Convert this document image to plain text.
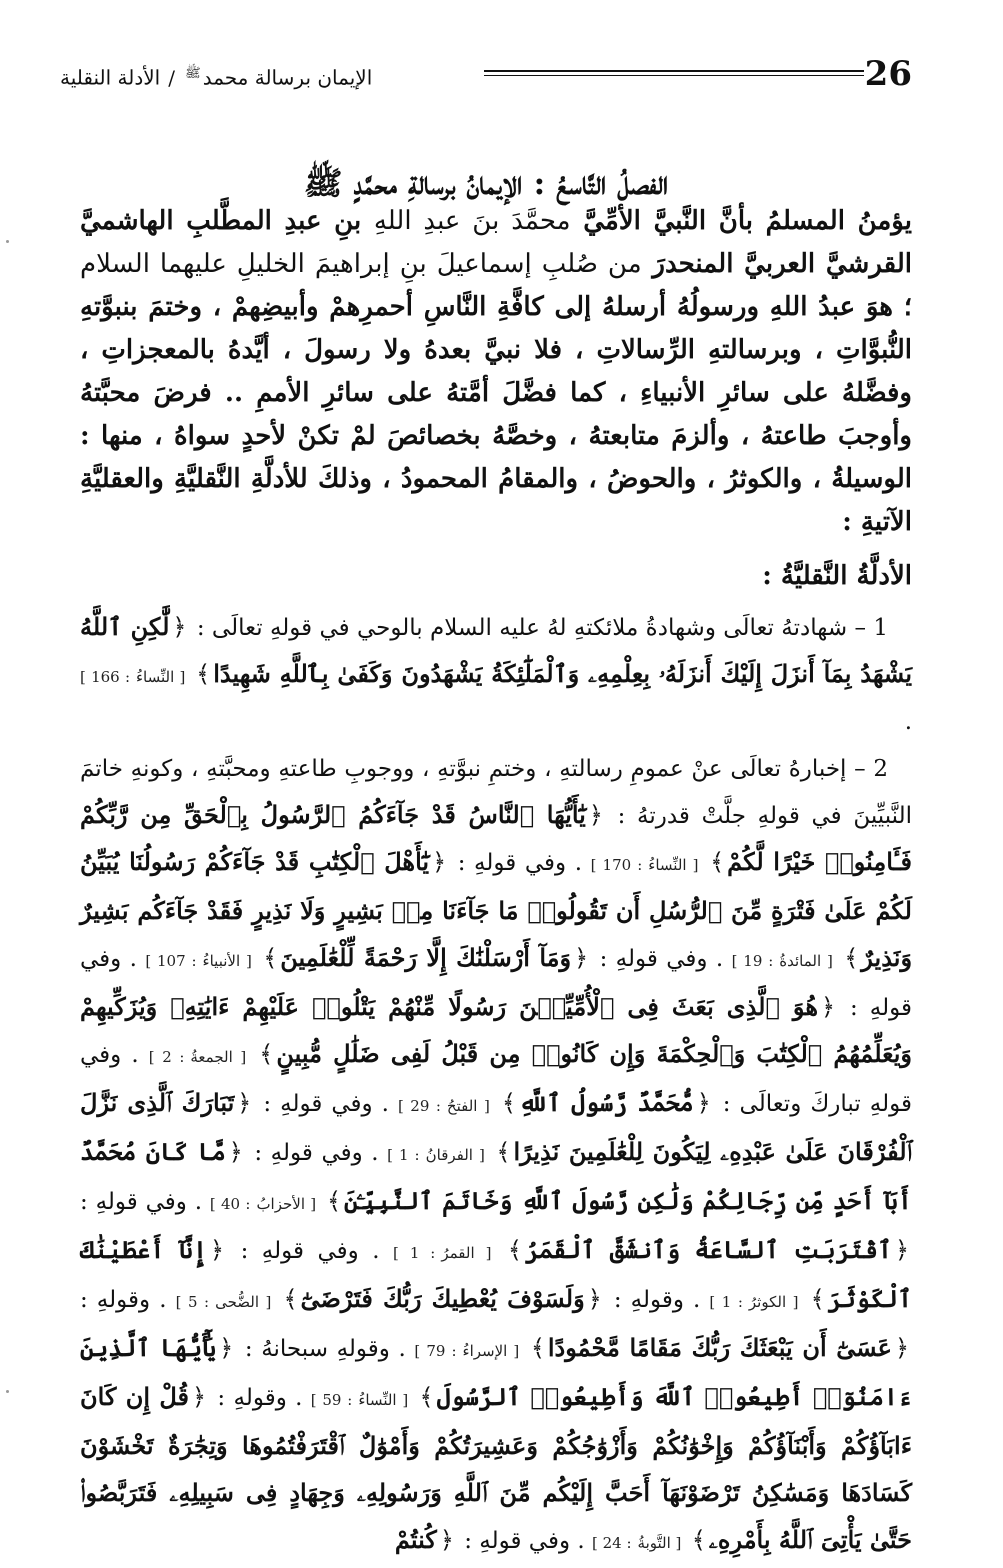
26
الإيمان برسالة محمد$^ﷺ$/الأدلة النقلية
الفصلُ التَّاسعُ : الإيمانُ برسالةِ محمَّدٍ ﷺ

يؤمنُ المسلمُ بأنَّ النَّبيَّ الأمِّيَّ محمَّدَ بنَ عبدِ اللهِ بنِ عبدِ المطَّلبِ الهاشميَّ القرشيَّ العربيَّ المنحدرَ من صُلبِ إسماعيلَ بنِ إبراهيمَ الخليلِ عليهما السلام ؛ هوَ عبدُ اللهِ ورسولُهُ أرسلهُ إلى كافَّةِ النَّاسِ أحمرِهمْ وأبيضِهمْ ، وختمَ بنبوَّتهِ النُّبوَّاتِ ، وبرسالتهِ الرِّسالاتِ ، فلا نبيَّ بعدهُ ولا رسولَ ، أيَّدهُ بالمعجزاتِ ، وفضَّلهُ على سائرِ الأنبياءِ ، كما فضَّلَ أمَّتهُ على سائرِ الأممِ .. فرضَ محبَّتهُ وأوجبَ طاعتهُ ، وألزمَ متابعتهُ ، وخصَّهُ بخصائصَ لمْ تكنْ لأحدٍ سواهُ ، منها : الوسيلةُ ، والكوثرُ ، والحوضُ ، والمقامُ المحمودُ ، وذلكَ للأدلَّةِ النَّقليَّةِ والعقليَّةِ الآتيةِ :

الأدلَّةُ النَّقليَّةُ :

1 – شهادتهُ تعالَى وشهادةُ ملائكتهِ لهُ عليه السلام بالوحي في قولهِ تعالَى : ﴿لَّٰكِنِ ٱللَّهُ يَشْهَدُ بِمَآ أَنزَلَ إِلَيْكَ أَنزَلَهُۥ بِعِلْمِهِۦ وَٱلْمَلَٰٓئِكَةُ يَشْهَدُونَ وَكَفَىٰ بِٱللَّهِ شَهِيدًا﴾ [ النِّساءُ: 166 ] .

2 – إخبارهُ تعالَى عنْ عمومِ رسالتهِ ، وختمِ نبوَّتهِ ، ووجوبِ طاعتهِ ومحبَّتهِ ، وكونهِ خاتمَ النَّبيِّينَ في قولهِ جلَّتْ قدرتهُ : ﴿يَٰٓأَيُّهَا ٱلنَّاسُ قَدْ جَآءَكُمُ ٱلرَّسُولُ بِٱلْحَقِّ مِن رَّبِّكُمْ فَـَٔامِنُوا۟ خَيْرًا لَّكُمْ﴾ [ النِّساءُ: 170 ] . وفي قولهِ : ﴿يَٰٓأَهْلَ ٱلْكِتَٰبِ قَدْ جَآءَكُمْ رَسُولُنَا يُبَيِّنُ لَكُمْ عَلَىٰ فَتْرَةٍ مِّنَ ٱلرُّسُلِ أَن تَقُولُوا۟ مَا جَآءَنَا مِنۢ بَشِيرٍ وَلَا نَذِيرٍ فَقَدْ جَآءَكُم بَشِيرٌ وَنَذِيرٌ﴾ [ المائدةُ: 19 ] . وفي قولهِ : ﴿وَمَآ أَرْسَلْنَٰكَ إِلَّا رَحْمَةً لِّلْعَٰلَمِينَ﴾ [ الأنبياءُ: 107 ] . وفي قولهِ : ﴿هُوَ ٱلَّذِى بَعَثَ فِى ٱلْأُمِّيِّـۧنَ رَسُولًا مِّنْهُمْ يَتْلُوا۟ عَلَيْهِمْ ءَايَٰتِهِۦ وَيُزَكِّيهِمْ وَيُعَلِّمُهُمُ ٱلْكِتَٰبَ وَٱلْحِكْمَةَ وَإِن كَانُوا۟ مِن قَبْلُ لَفِى ضَلَٰلٍ مُّبِينٍ﴾ [ الجمعةُ: 2 ] . وفي قولهِ تباركَ وتعالَى : ﴿مُّحَمَّدٌ رَّسُولُ ٱللَّهِ﴾ [ الفتحُ: 29 ] . وفي قولهِ : ﴿تَبَارَكَ ٱلَّذِى نَزَّلَ ٱلْفُرْقَانَ عَلَىٰ عَبْدِهِۦ لِيَكُونَ لِلْعَٰلَمِينَ نَذِيرًا﴾ [ الفرقانُ: 1 ] . وفي قولهِ : ﴿مَّا كَانَ مُحَمَّدٌ أَبَآ أَحَدٍ مِّن رِّجَالِكُمْ وَلَٰكِن رَّسُولَ ٱللَّهِ وَخَاتَمَ ٱلنَّبِيِّـۧنَ﴾ [ الأحزابُ: 40 ] . وفي قولهِ : ﴿ٱقْتَرَبَتِ ٱلسَّاعَةُ وَٱنشَقَّ ٱلْقَمَرُ﴾ [ القمرُ: 1 ] . وفي قولهِ : ﴿إِنَّآ أَعْطَيْنَٰكَ ٱلْكَوْثَرَ﴾ [ الكوثرُ: 1 ] . وقولهِ : ﴿وَلَسَوْفَ يُعْطِيكَ رَبُّكَ فَتَرْضَىٰٓ﴾ [ الضُّحى: 5 ] . وقولهِ : ﴿عَسَىٰٓ أَن يَبْعَثَكَ رَبُّكَ مَقَامًا مَّحْمُودًا﴾ [ الإسراءُ: 79 ] . وقولهِ سبحانهُ : ﴿يَٰٓأَيُّهَا ٱلَّذِينَ ءَامَنُوٓا۟ أَطِيعُوا۟ ٱللَّهَ وَأَطِيعُوا۟ ٱلرَّسُولَ﴾ [ النِّساءُ: 59 ] . وقولهِ : ﴿قُلْ إِن كَانَ ءَابَآؤُكُمْ وَأَبْنَآؤُكُمْ وَإِخْوَٰنُكُمْ وَأَزْوَٰجُكُمْ وَعَشِيرَتُكُمْ وَأَمْوَٰلٌ ٱقْتَرَفْتُمُوهَا وَتِجَٰرَةٌ تَخْشَوْنَ كَسَادَهَا وَمَسَٰكِنُ تَرْضَوْنَهَآ أَحَبَّ إِلَيْكُم مِّنَ ٱللَّهِ وَرَسُولِهِۦ وَجِهَادٍ فِى سَبِيلِهِۦ فَتَرَبَّصُوا۟ حَتَّىٰ يَأْتِىَ ٱللَّهُ بِأَمْرِهِۦ﴾ [ التَّوبةُ: 24 ] . وفي قولهِ : ﴿كُنتُمْ
